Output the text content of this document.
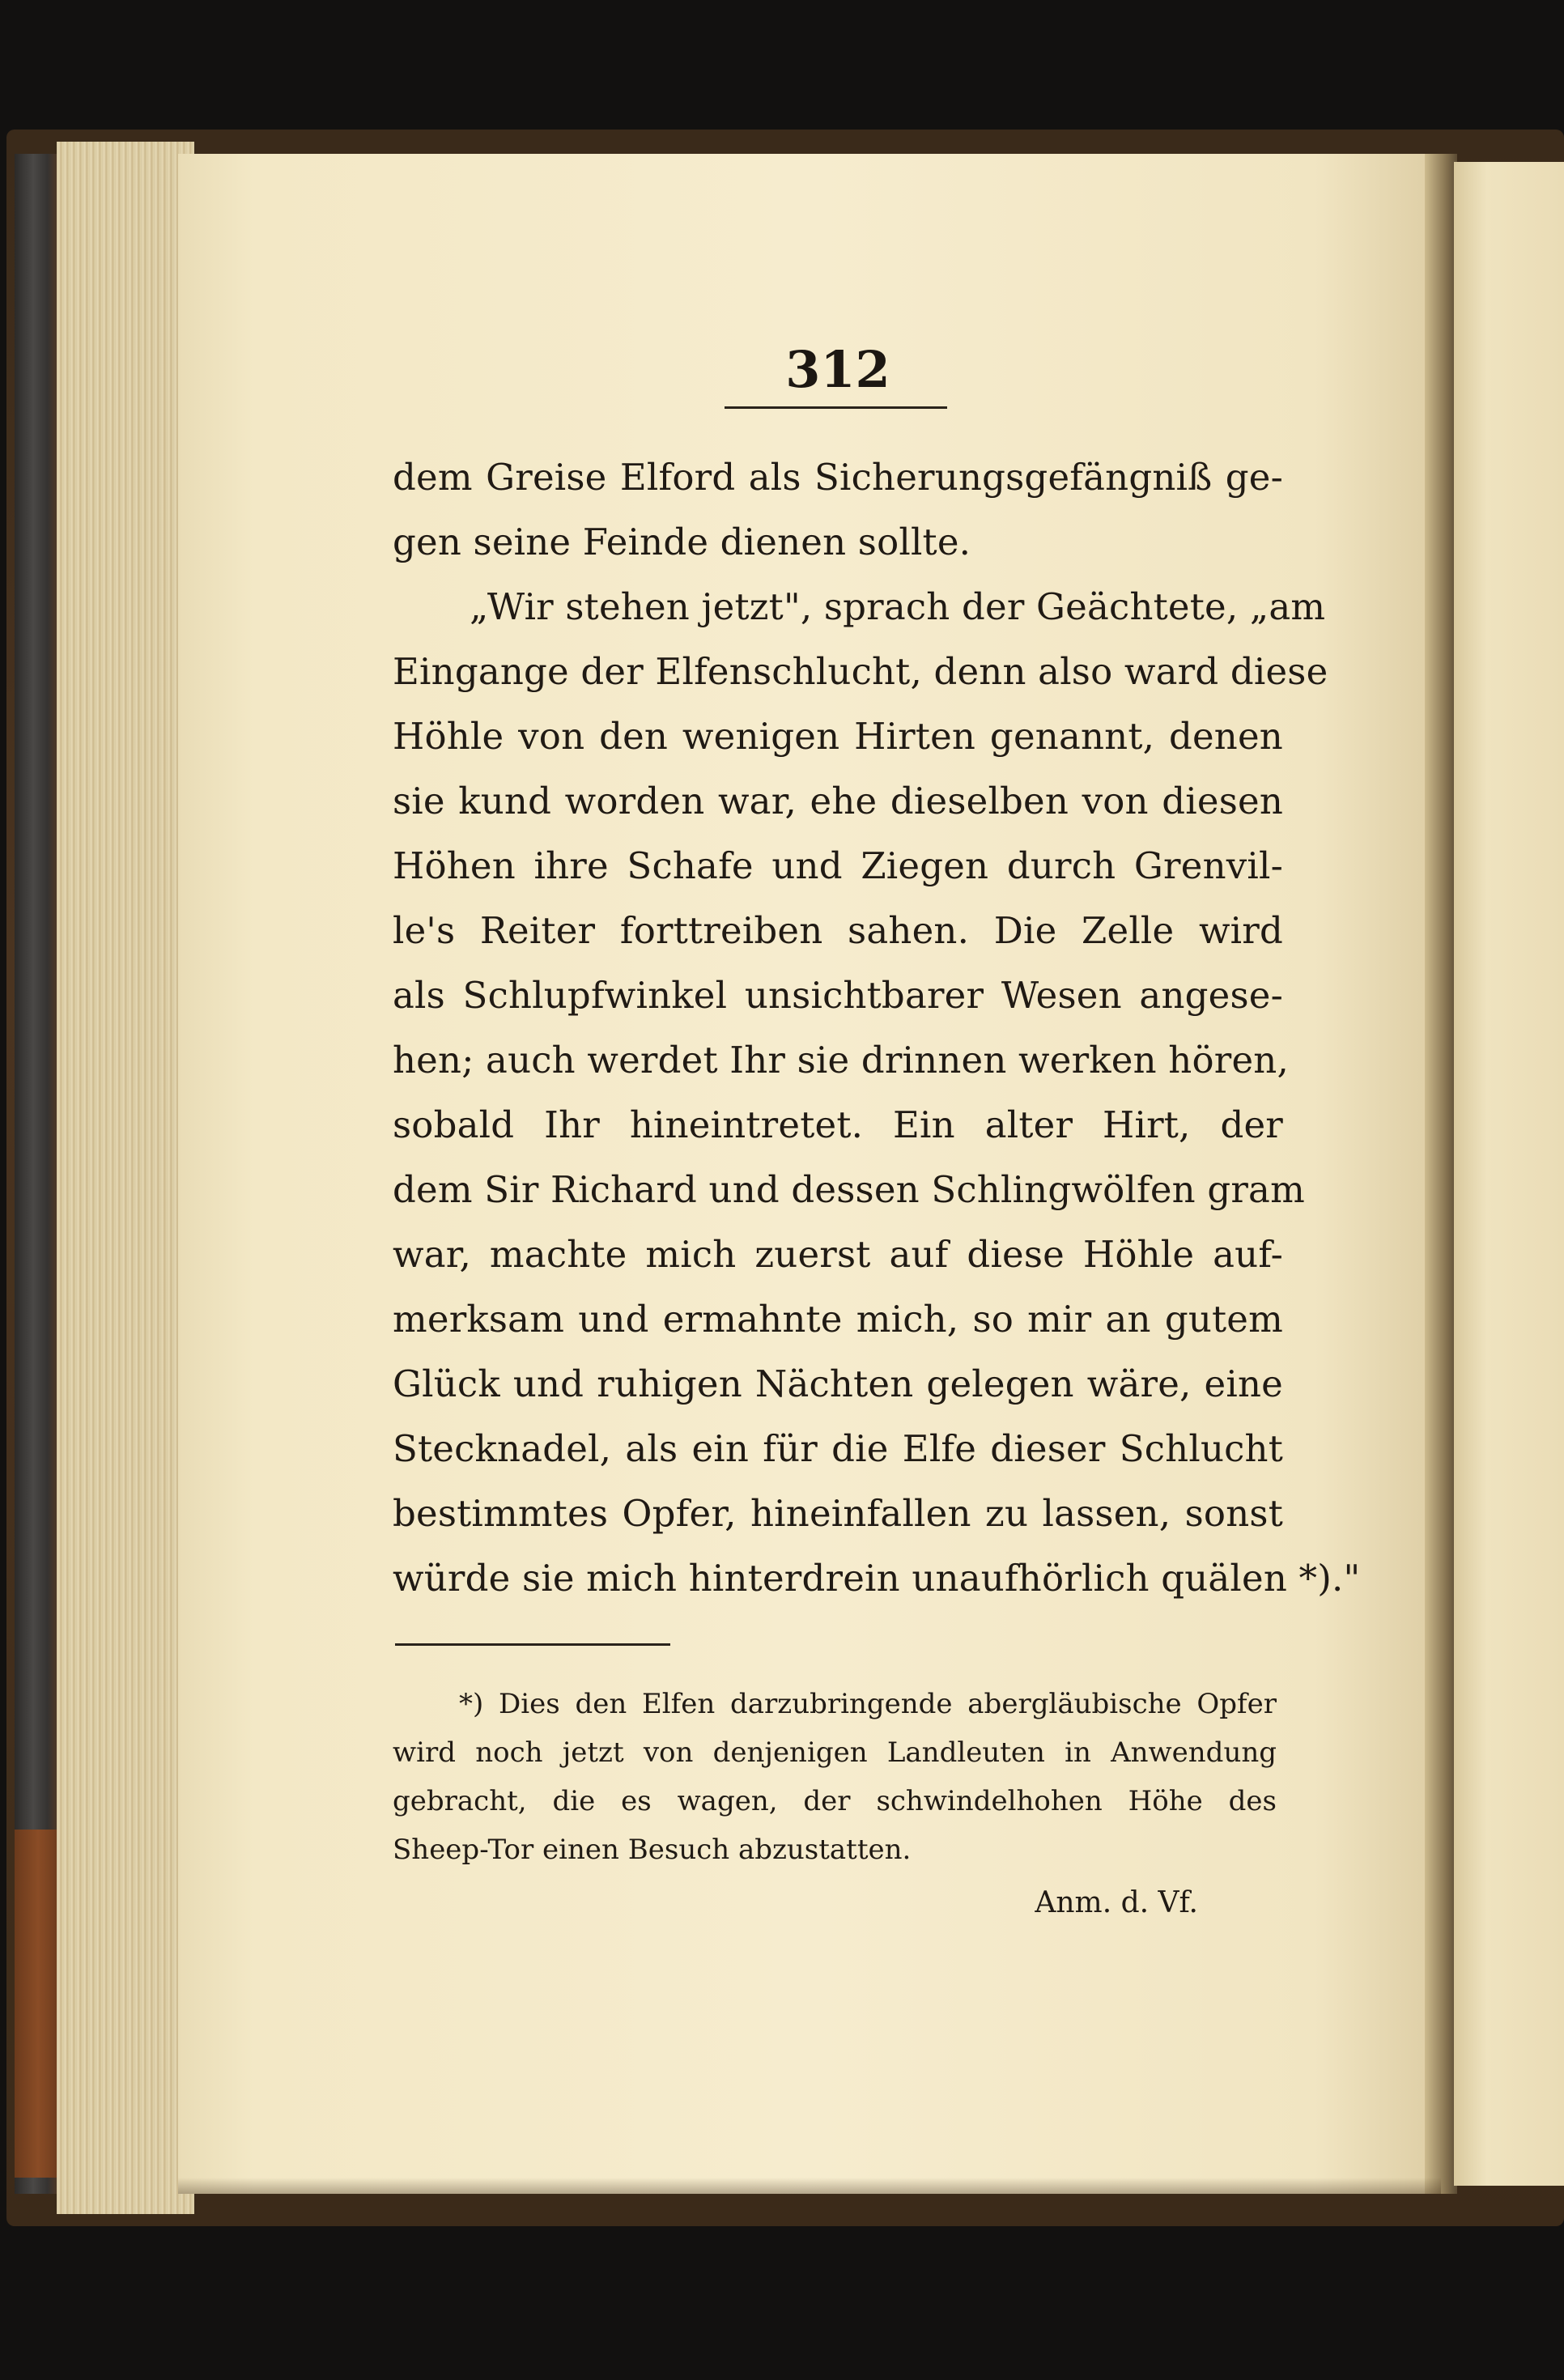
312
dem Greise Elford als Sicherungsgefängniß ge-
gen seine Feinde dienen sollte.
„Wir stehen jetzt", sprach der Geächtete, „am
Eingange der Elfenschlucht, denn also ward diese
Höhle von den wenigen Hirten genannt, denen
sie kund worden war, ehe dieselben von diesen
Höhen ihre Schafe und Ziegen durch Grenvil-
le's Reiter forttreiben sahen. Die Zelle wird
als Schlupfwinkel unsichtbarer Wesen angese-
hen; auch werdet Ihr sie drinnen werken hören,
sobald Ihr hineintretet. Ein alter Hirt, der
dem Sir Richard und dessen Schlingwölfen gram
war, machte mich zuerst auf diese Höhle auf-
merksam und ermahnte mich, so mir an gutem
Glück und ruhigen Nächten gelegen wäre, eine
Stecknadel, als ein für die Elfe dieser Schlucht
bestimmtes Opfer, hineinfallen zu lassen, sonst
würde sie mich hinterdrein unaufhörlich quälen *)."
*) Dies den Elfen darzubringende abergläubische Opfer
wird noch jetzt von denjenigen Landleuten in Anwendung
gebracht, die es wagen, der schwindelhohen Höhe des
Sheep-Tor einen Besuch abzustatten.
Anm. d. Vf.
